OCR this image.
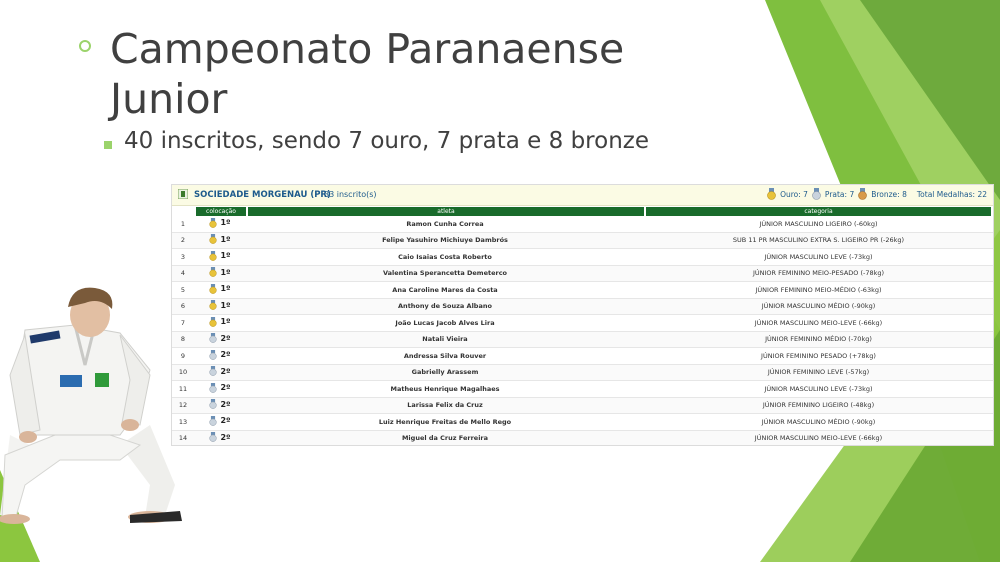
Campeonato Paranaense Junior

40 inscritos, sendo 7 ouro, 7 prata e 8 bronze

SOCIEDADE MORGENAU (PR)
33 inscrito(s)	Ouro: 7 Prata: 7 Bronze: 8 Total Medalhas: 22
colocação	atleta	categoria
1	1º	Ramon Cunha Correa	JÚNIOR MASCULINO LIGEIRO (-60kg)
2	1º	Felipe Yasuhiro Michiuye Dambrós	SUB 11 PR MASCULINO EXTRA S. LIGEIRO PR (-26kg)
3	1º	Caio Isaias Costa Roberto	JÚNIOR MASCULINO LEVE (-73kg)
4	1º	Valentina Sperancetta Demeterco	JÚNIOR FEMININO MEIO-PESADO (-78kg)
5	1º	Ana Caroline Mares da Costa	JÚNIOR FEMININO MEIO-MÉDIO (-63kg)
6	1º	Anthony de Souza Albano	JÚNIOR MASCULINO MÉDIO (-90kg)
7	1º	João Lucas Jacob Alves Lira	JÚNIOR MASCULINO MEIO-LEVE (-66kg)
8	2º	Natali Vieira	JÚNIOR FEMININO MÉDIO (-70kg)
9	2º	Andressa Silva Rouver	JÚNIOR FEMININO PESADO (+78kg)
10	2º	Gabrielly Arassem	JÚNIOR FEMININO LEVE (-57kg)
11	2º	Matheus Henrique Magalhaes	JÚNIOR MASCULINO LEVE (-73kg)
12	2º	Larissa Felix da Cruz	JÚNIOR FEMININO LIGEIRO (-48kg)
13	2º	Luiz Henrique Freitas de Mello Rego	JÚNIOR MASCULINO MÉDIO (-90kg)
14	2º	Miguel da Cruz Ferreira	JÚNIOR MASCULINO MEIO-LEVE (-66kg)
